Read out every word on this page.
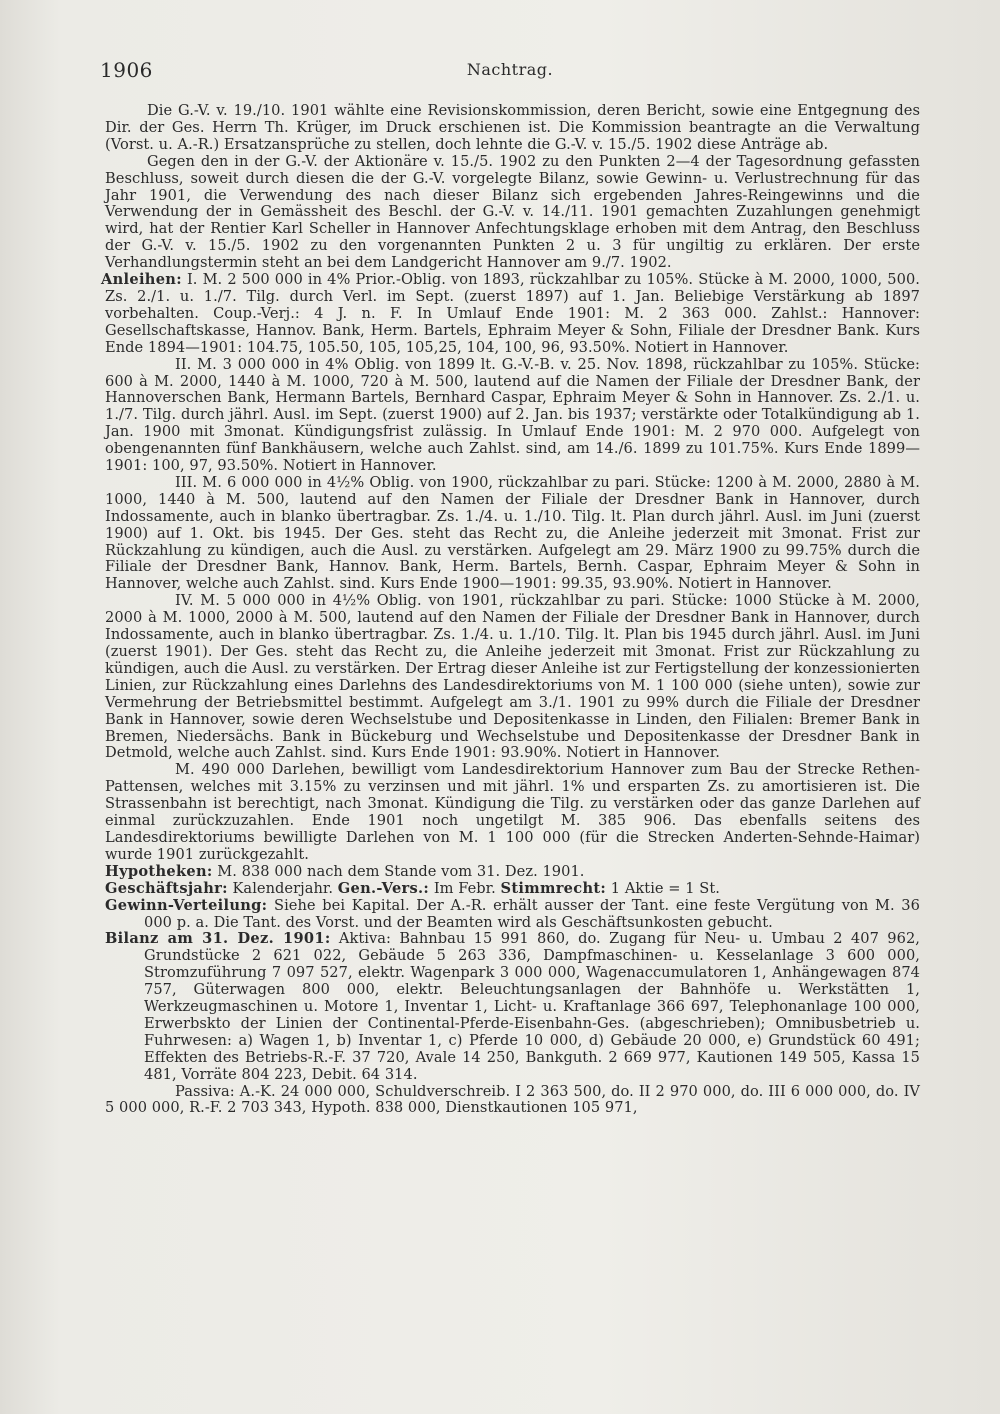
1906	Nachtrag.

Die G.-V. v. 19./10. 1901 wählte eine Revisionskommission, deren Bericht, sowie eine Entgegnung des Dir. der Ges. Herrn Th. Krüger, im Druck erschienen ist. Die Kommission beantragte an die Verwaltung (Vorst. u. A.-R.) Ersatzansprüche zu stellen, doch lehnte die G.-V. v. 15./5. 1902 diese Anträge ab.

Gegen den in der G.-V. der Aktionäre v. 15./5. 1902 zu den Punkten 2—4 der Tagesordnung gefassten Beschluss, soweit durch diesen die der G.-V. vorgelegte Bilanz, sowie Gewinn- u. Verlustrechnung für das Jahr 1901, die Verwendung des nach dieser Bilanz sich ergebenden Jahres-Reingewinns und die Verwendung der in Gemässheit des Beschl. der G.-V. v. 14./11. 1901 gemachten Zuzahlungen genehmigt wird, hat der Rentier Karl Scheller in Hannover Anfechtungsklage erhoben mit dem Antrag, den Beschluss der G.-V. v. 15./5. 1902 zu den vorgenannten Punkten 2 u. 3 für ungiltig zu erklären. Der erste Verhandlungstermin steht an bei dem Landgericht Hannover am 9./7. 1902.

Anleihen: I. M. 2 500 000 in 4% Prior.-Oblig. von 1893, rückzahlbar zu 105%. Stücke à M. 2000, 1000, 500. Zs. 2./1. u. 1./7. Tilg. durch Verl. im Sept. (zuerst 1897) auf 1. Jan. Beliebige Verstärkung ab 1897 vorbehalten. Coup.-Verj.: 4 J. n. F. In Umlauf Ende 1901: M. 2 363 000. Zahlst.: Hannover: Gesellschaftskasse, Hannov. Bank, Herm. Bartels, Ephraim Meyer & Sohn, Filiale der Dresdner Bank. Kurs Ende 1894—1901: 104.75, 105.50, 105, 105,25, 104, 100, 96, 93.50%. Notiert in Hannover.

II. M. 3 000 000 in 4% Oblig. von 1899 lt. G.-V.-B. v. 25. Nov. 1898, rückzahlbar zu 105%. Stücke: 600 à M. 2000, 1440 à M. 1000, 720 à M. 500, lautend auf die Namen der Filiale der Dresdner Bank, der Hannoverschen Bank, Hermann Bartels, Bernhard Caspar, Ephraim Meyer & Sohn in Hannover. Zs. 2./1. u. 1./7. Tilg. durch jährl. Ausl. im Sept. (zuerst 1900) auf 2. Jan. bis 1937; verstärkte oder Totalkündigung ab 1. Jan. 1900 mit 3monat. Kündigungsfrist zulässig. In Umlauf Ende 1901: M. 2 970 000. Aufgelegt von obengenannten fünf Bankhäusern, welche auch Zahlst. sind, am 14./6. 1899 zu 101.75%. Kurs Ende 1899—1901: 100, 97, 93.50%. Notiert in Hannover.

III. M. 6 000 000 in 4½% Oblig. von 1900, rückzahlbar zu pari. Stücke: 1200 à M. 2000, 2880 à M. 1000, 1440 à M. 500, lautend auf den Namen der Filiale der Dresdner Bank in Hannover, durch Indossamente, auch in blanko übertragbar. Zs. 1./4. u. 1./10. Tilg. lt. Plan durch jährl. Ausl. im Juni (zuerst 1900) auf 1. Okt. bis 1945. Der Ges. steht das Recht zu, die Anleihe jederzeit mit 3monat. Frist zur Rückzahlung zu kündigen, auch die Ausl. zu verstärken. Aufgelegt am 29. März 1900 zu 99.75% durch die Filiale der Dresdner Bank, Hannov. Bank, Herm. Bartels, Bernh. Caspar, Ephraim Meyer & Sohn in Hannover, welche auch Zahlst. sind. Kurs Ende 1900—1901: 99.35, 93.90%. Notiert in Hannover.

IV. M. 5 000 000 in 4½% Oblig. von 1901, rückzahlbar zu pari. Stücke: 1000 Stücke à M. 2000, 2000 à M. 1000, 2000 à M. 500, lautend auf den Namen der Filiale der Dresdner Bank in Hannover, durch Indossamente, auch in blanko übertragbar. Zs. 1./4. u. 1./10. Tilg. lt. Plan bis 1945 durch jährl. Ausl. im Juni (zuerst 1901). Der Ges. steht das Recht zu, die Anleihe jederzeit mit 3monat. Frist zur Rückzahlung zu kündigen, auch die Ausl. zu verstärken. Der Ertrag dieser Anleihe ist zur Fertigstellung der konzessionierten Linien, zur Rückzahlung eines Darlehns des Landesdirektoriums von M. 1 100 000 (siehe unten), sowie zur Vermehrung der Betriebsmittel bestimmt. Aufgelegt am 3./1. 1901 zu 99% durch die Filiale der Dresdner Bank in Hannover, sowie deren Wechselstube und Depositenkasse in Linden, den Filialen: Bremer Bank in Bremen, Niedersächs. Bank in Bückeburg und Wechselstube und Depositenkasse der Dresdner Bank in Detmold, welche auch Zahlst. sind. Kurs Ende 1901: 93.90%. Notiert in Hannover.

M. 490 000 Darlehen, bewilligt vom Landesdirektorium Hannover zum Bau der Strecke Rethen-Pattensen, welches mit 3.15% zu verzinsen und mit jährl. 1% und ersparten Zs. zu amortisieren ist. Die Strassenbahn ist berechtigt, nach 3monat. Kündigung die Tilg. zu verstärken oder das ganze Darlehen auf einmal zurückzuzahlen. Ende 1901 noch ungetilgt M. 385 906. Das ebenfalls seitens des Landesdirektoriums bewilligte Darlehen von M. 1 100 000 (für die Strecken Anderten-Sehnde-Haimar) wurde 1901 zurückgezahlt.

Hypotheken: M. 838 000 nach dem Stande vom 31. Dez. 1901.

Geschäftsjahr: Kalenderjahr. Gen.-Vers.: Im Febr. Stimmrecht: 1 Aktie = 1 St.

Gewinn-Verteilung: Siehe bei Kapital. Der A.-R. erhält ausser der Tant. eine feste Vergütung von M. 36 000 p. a. Die Tant. des Vorst. und der Beamten wird als Geschäftsunkosten gebucht.

Bilanz am 31. Dez. 1901: Aktiva: Bahnbau 15 991 860, do. Zugang für Neu- u. Umbau 2 407 962, Grundstücke 2 621 022, Gebäude 5 263 336, Dampfmaschinen- u. Kesselanlage 3 600 000, Stromzuführung 7 097 527, elektr. Wagenpark 3 000 000, Wagenaccumulatoren 1, Anhängewagen 874 757, Güterwagen 800 000, elektr. Beleuchtungsanlagen der Bahnhöfe u. Werkstätten 1, Werkzeugmaschinen u. Motore 1, Inventar 1, Licht- u. Kraftanlage 366 697, Telephonanlage 100 000, Erwerbskto der Linien der Continental-Pferde-Eisenbahn-Ges. (abgeschrieben); Omnibusbetrieb u. Fuhrwesen: a) Wagen 1, b) Inventar 1, c) Pferde 10 000, d) Gebäude 20 000, e) Grundstück 60 491; Effekten des Betriebs-R.-F. 37 720, Avale 14 250, Bankguth. 2 669 977, Kautionen 149 505, Kassa 15 481, Vorräte 804 223, Debit. 64 314.

Passiva: A.-K. 24 000 000, Schuldverschreib. I 2 363 500, do. II 2 970 000, do. III 6 000 000, do. IV 5 000 000, R.-F. 2 703 343, Hypoth. 838 000, Dienstkautionen 105 971,
